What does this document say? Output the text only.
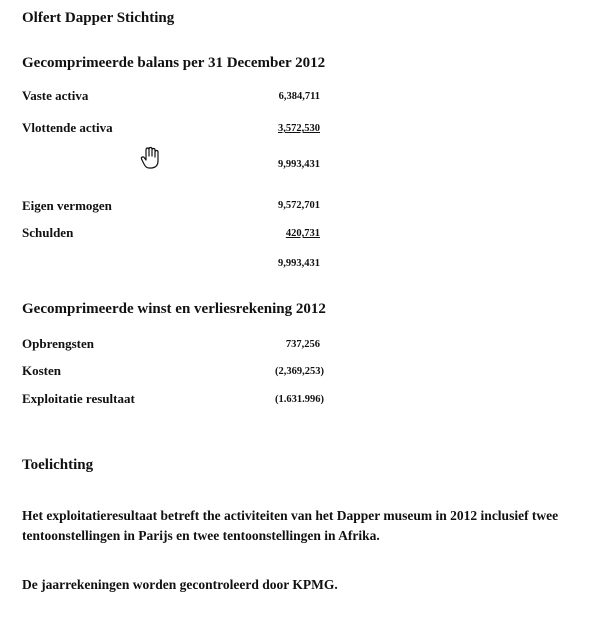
Olfert Dapper Stichting
Gecomprimeerde balans per 31 December 2012
Vaste activa	6,384,711
Vlottende activa	3,572,530
9,993,431
Eigen vermogen	9,572,701
Schulden	420,731
9,993,431
Gecomprimeerde winst en verliesrekening 2012
Opbrengsten	737,256
Kosten	(2,369,253)
Exploitatie resultaat	(1.631.996)
Toelichting
Het exploitatieresultaat betreft the activiteiten van het Dapper museum in 2012 inclusief twee tentoonstellingen in Parijs en twee tentoonstellingen in Afrika.
De jaarrekeningen worden gecontroleerd door KPMG.
